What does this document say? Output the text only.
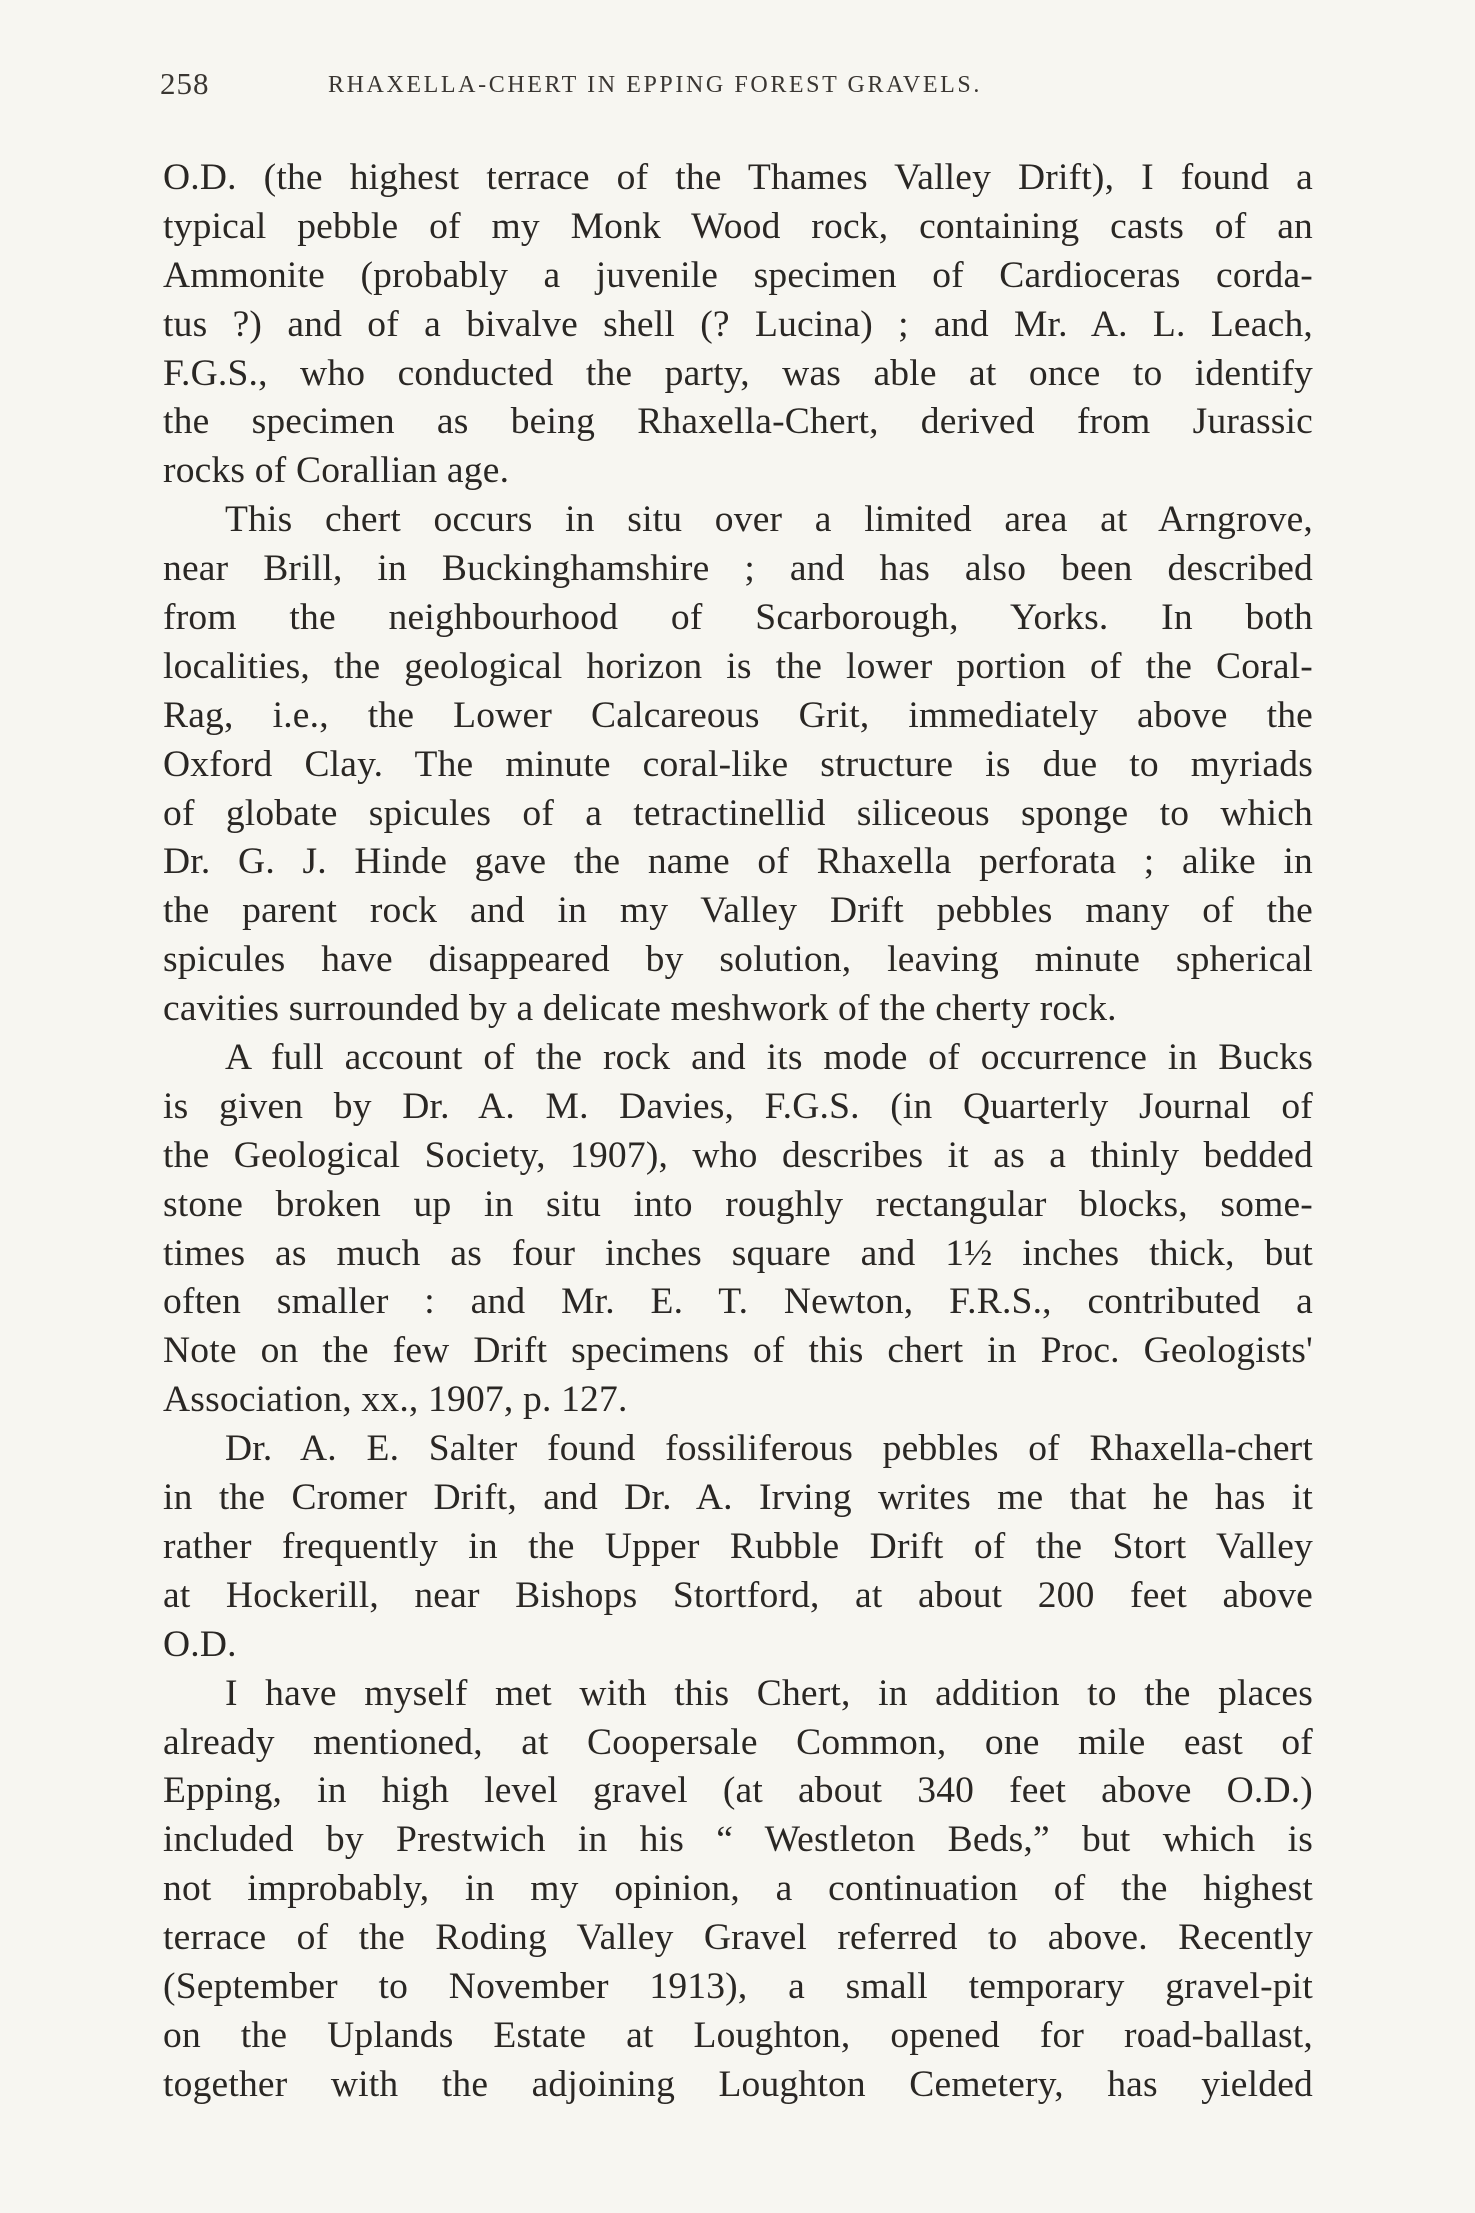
258	RHAXELLA-CHERT IN EPPING FOREST GRAVELS.
O.D. (the highest terrace of the Thames Valley Drift), I found a
typical pebble of my Monk Wood rock, containing casts of an
Ammonite (probably a juvenile specimen of Cardioceras corda-
tus ?) and of a bivalve shell (? Lucina) ; and Mr. A. L. Leach,
F.G.S., who conducted the party, was able at once to identify
the specimen as being Rhaxella-Chert, derived from Jurassic
rocks of Corallian age.
This chert occurs in situ over a limited area at Arngrove,
near Brill, in Buckinghamshire ; and has also been described
from the neighbourhood of Scarborough, Yorks. In both
localities, the geological horizon is the lower portion of the Coral-
Rag, i.e., the Lower Calcareous Grit, immediately above the
Oxford Clay. The minute coral-like structure is due to myriads
of globate spicules of a tetractinellid siliceous sponge to which
Dr. G. J. Hinde gave the name of Rhaxella perforata ; alike in
the parent rock and in my Valley Drift pebbles many of the
spicules have disappeared by solution, leaving minute spherical
cavities surrounded by a delicate meshwork of the cherty rock.
A full account of the rock and its mode of occurrence in Bucks
is given by Dr. A. M. Davies, F.G.S. (in Quarterly Journal of
the Geological Society, 1907), who describes it as a thinly bedded
stone broken up in situ into roughly rectangular blocks, some-
times as much as four inches square and 1½ inches thick, but
often smaller : and Mr. E. T. Newton, F.R.S., contributed a
Note on the few Drift specimens of this chert in Proc. Geologists'
Association, xx., 1907, p. 127.
Dr. A. E. Salter found fossiliferous pebbles of Rhaxella-chert
in the Cromer Drift, and Dr. A. Irving writes me that he has it
rather frequently in the Upper Rubble Drift of the Stort Valley
at Hockerill, near Bishops Stortford, at about 200 feet above
O.D.
I have myself met with this Chert, in addition to the places
already mentioned, at Coopersale Common, one mile east of
Epping, in high level gravel (at about 340 feet above O.D.)
included by Prestwich in his “ Westleton Beds,” but which is
not improbably, in my opinion, a continuation of the highest
terrace of the Roding Valley Gravel referred to above. Recently
(September to November 1913), a small temporary gravel-pit
on the Uplands Estate at Loughton, opened for road-ballast,
together with the adjoining Loughton Cemetery, has yielded
